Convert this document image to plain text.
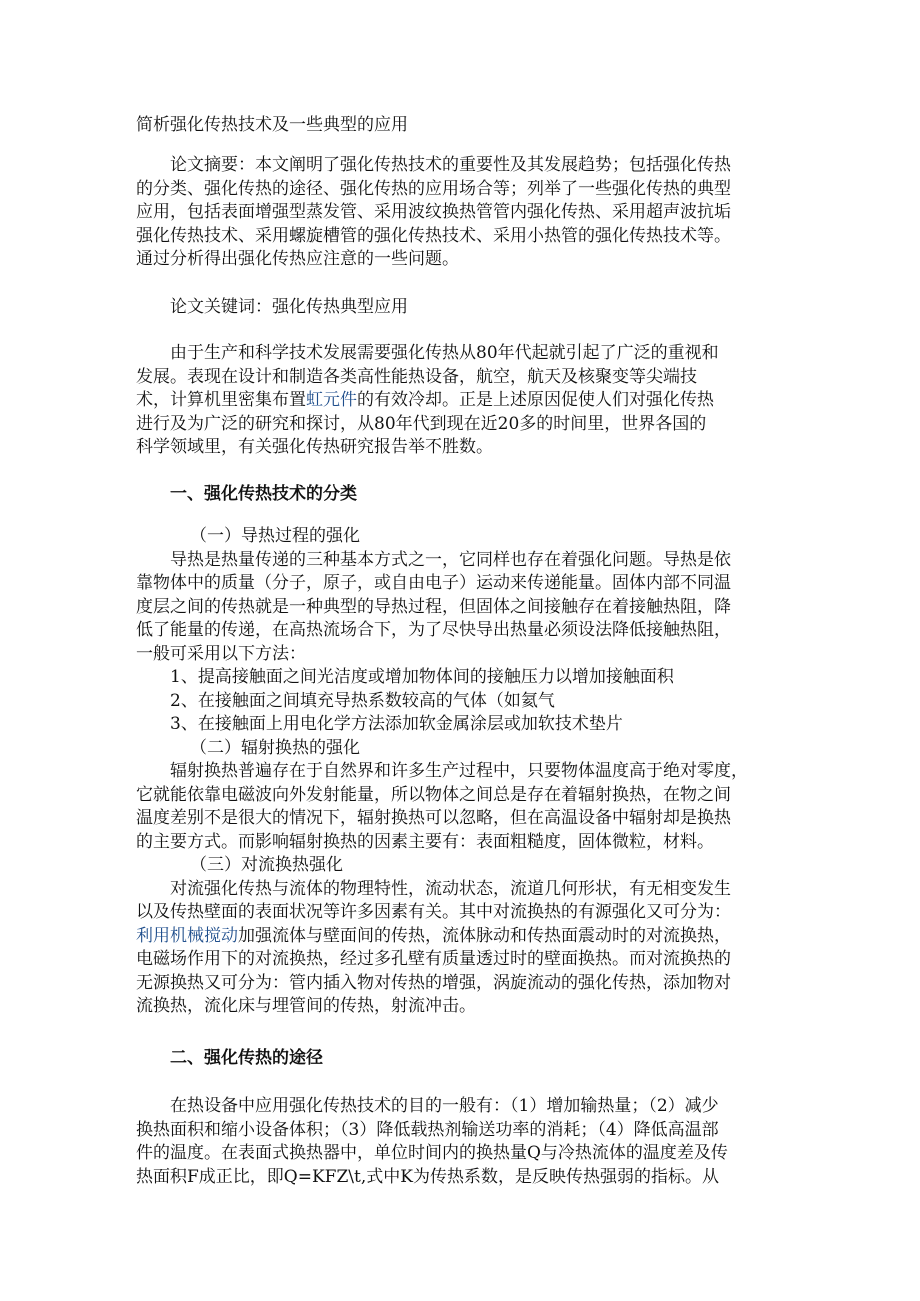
简析强化传热技术及一些典型的应用
论文摘要：本文阐明了强化传热技术的重要性及其发展趋势；包括强化传热
的分类、强化传热的途径、强化传热的应用场合等；列举了一些强化传热的典型
应用，包括表面增强型蒸发管、采用波纹换热管管内强化传热、采用超声波抗垢
强化传热技术、采用螺旋槽管的强化传热技术、采用小热管的强化传热技术等。
通过分析得出强化传热应注意的一些问题。
论文关键词：强化传热典型应用
由于生产和科学技术发展需要强化传热从80年代起就引起了广泛的重视和
发展。表现在设计和制造各类高性能热设备，航空，航天及核聚变等尖端技
术，计算机里密集布置虹元件的有效冷却。正是上述原因促使人们对强化传热
进行及为广泛的研究和探讨，从80年代到现在近20多的时间里，世界各国的
科学领域里，有关强化传热研究报告举不胜数。
一、强化传热技术的分类
（一）导热过程的强化
导热是热量传递的三种基本方式之一，它同样也存在着强化问题。导热是依
靠物体中的质量（分子，原子，或自由电子）运动来传递能量。固体内部不同温
度层之间的传热就是一种典型的导热过程，但固体之间接触存在着接触热阻，降
低了能量的传递，在高热流场合下，为了尽快导出热量必须设法降低接触热阻，
一般可采用以下方法：
1、提高接触面之间光洁度或增加物体间的接触压力以增加接触面积
2、在接触面之间填充导热系数较高的气体（如氦气
3、在接触面上用电化学方法添加软金属涂层或加软技术垫片
（二）辐射换热的强化
辐射换热普遍存在于自然界和许多生产过程中，只要物体温度高于绝对零度，
它就能依靠电磁波向外发射能量，所以物体之间总是存在着辐射换热，在物之间
温度差别不是很大的情况下，辐射换热可以忽略，但在高温设备中辐射却是换热
的主要方式。而影响辐射换热的因素主要有：表面粗糙度，固体微粒，材料。
（三）对流换热强化
对流强化传热与流体的物理特性，流动状态，流道几何形状，有无相变发生
以及传热壁面的表面状况等许多因素有关。其中对流换热的有源强化又可分为：
利用机械搅动加强流体与壁面间的传热，流体脉动和传热面震动时的对流换热，
电磁场作用下的对流换热，经过多孔壁有质量透过时的壁面换热。而对流换热的
无源换热又可分为：管内插入物对传热的增强，涡旋流动的强化传热，添加物对
流换热，流化床与埋管间的传热，射流冲击。
二、强化传热的途径
在热设备中应用强化传热技术的目的一般有：（1）增加输热量；（2）减少
换热面积和缩小设备体积；（3）降低载热剂输送功率的消耗；（4）降低高温部
件的温度。在表面式换热器中，单位时间内的换热量Q与冷热流体的温度差及传
热面积F成正比，即Q=KFZ\t,式中K为传热系数，是反映传热强弱的指标。从
